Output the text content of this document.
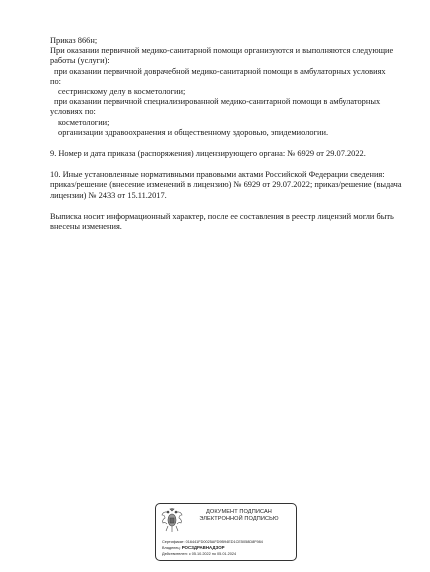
Приказ 866н;
При оказании первичной медико-санитарной помощи организуются и выполняются следующие
работы (услуги):
при оказании первичной доврачебной медико-санитарной помощи в амбулаторных условиях
по:
сестринскому делу в косметологии;
при оказании первичной специализированной медико-санитарной помощи в амбулаторных
условиях по:
косметологии;
организации здравоохранения и общественному здоровью, эпидемиологии.
9. Номер и дата приказа (распоряжения) лицензирующего органа: № 6929 от 29.07.2022.
10. Иные установленные нормативными правовыми актами Российской Федерации сведения:
приказ/решение (внесение изменений в лицензию) № 6929 от 29.07.2022; приказ/решение (выдача
лицензии) № 2433 от 15.11.2017.
Выписка носит информационный характер, после ее составления в реестр лицензий могли быть
внесены изменения.
ДОКУМЕНТ ПОДПИСАН
ЭЛЕКТРОННОЙ ПОДПИСЬЮ
Сертификат: 016441FD0025AFD9B94ED1CE5058D8F984
Владелец: РОСЗДРАВНАДЗОР
Действителен: с 05.10.2022 по 05.01.2024
